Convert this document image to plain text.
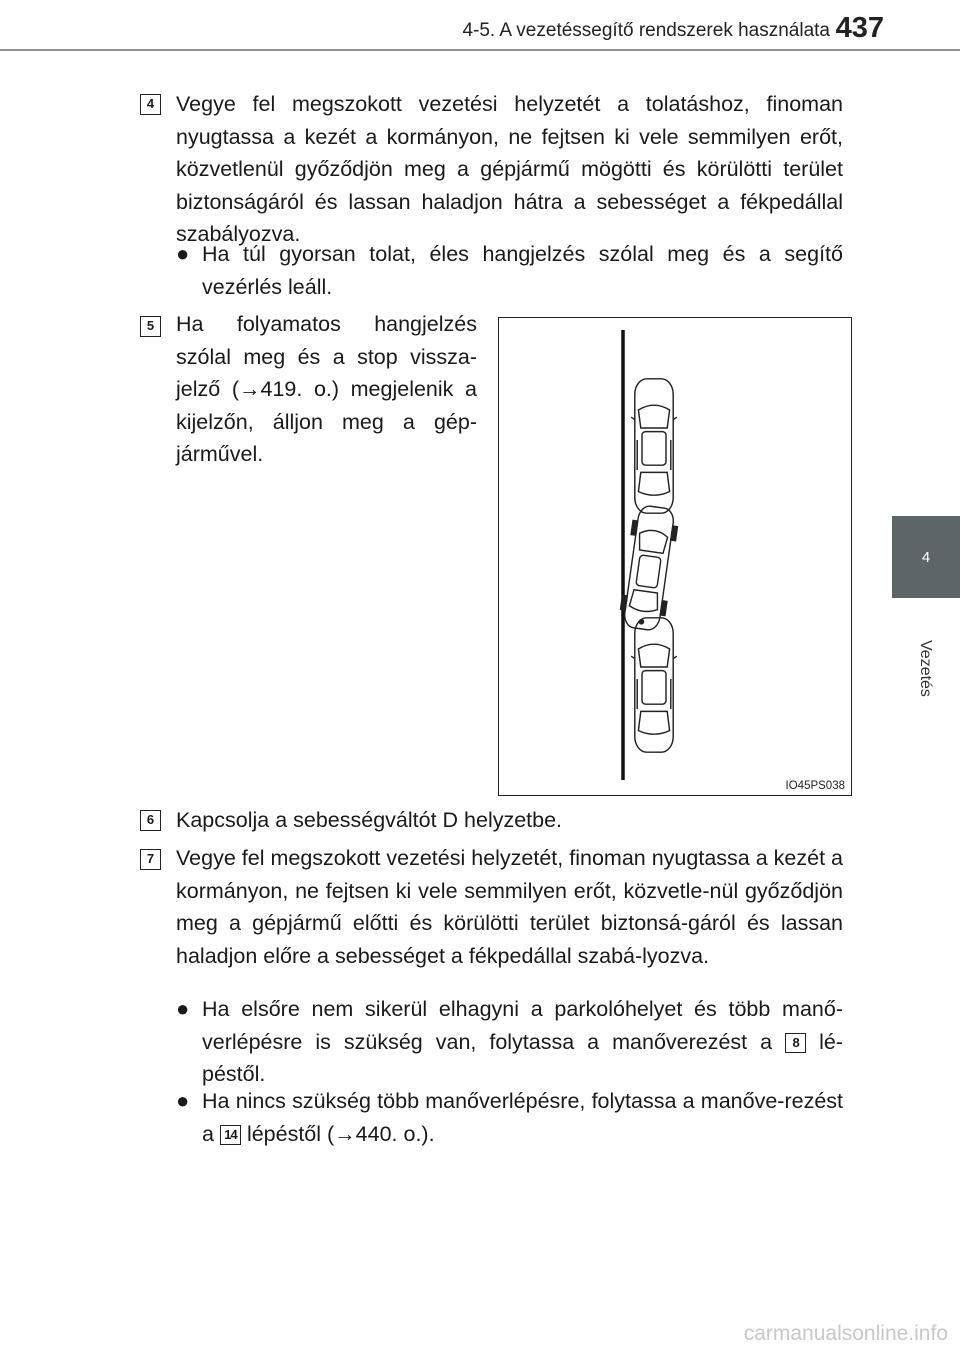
4-5. A vezetéssegítő rendszerek használata 437
4
Vezetés
4	Vegye fel megszokott vezetési helyzetét a tolatáshoz, finoman nyugtassa a kezét a kormányon, ne fejtsen ki vele semmilyen erőt, közvetlenül győződjön meg a gépjármű mögötti és körülötti terület biztonságáról és lassan haladjon hátra a sebességet a fékpedállal szabályozva.

● Ha túl gyorsan tolat, éles hangjelzés szólal meg és a segítő vezérlés leáll.
5	Ha folyamatos hangjelzés szólal meg és a stop vissza-jelző (→419. o.) megjelenik a kijelzőn, álljon meg a gép-járművel.

IO45PS038
6	Kapcsolja a sebességváltót D helyzetbe.

7	Vegye fel megszokott vezetési helyzetét, finoman nyugtassa a kezét a kormányon, ne fejtsen ki vele semmilyen erőt, közvetle-nül győződjön meg a gépjármű előtti és körülötti terület biztonsá-gáról és lassan haladjon előre a sebességet a fékpedállal szabá-lyozva.

● Ha elsőre nem sikerül elhagyni a parkolóhelyet és több manő-verlépésre is szükség van, folytassa a manőverezést a 8 lé-péstől.
● Ha nincs szükség több manőverlépésre, folytassa a manőve-rezést a 14 lépéstől (→440. o.).
carmanualsonline.info
